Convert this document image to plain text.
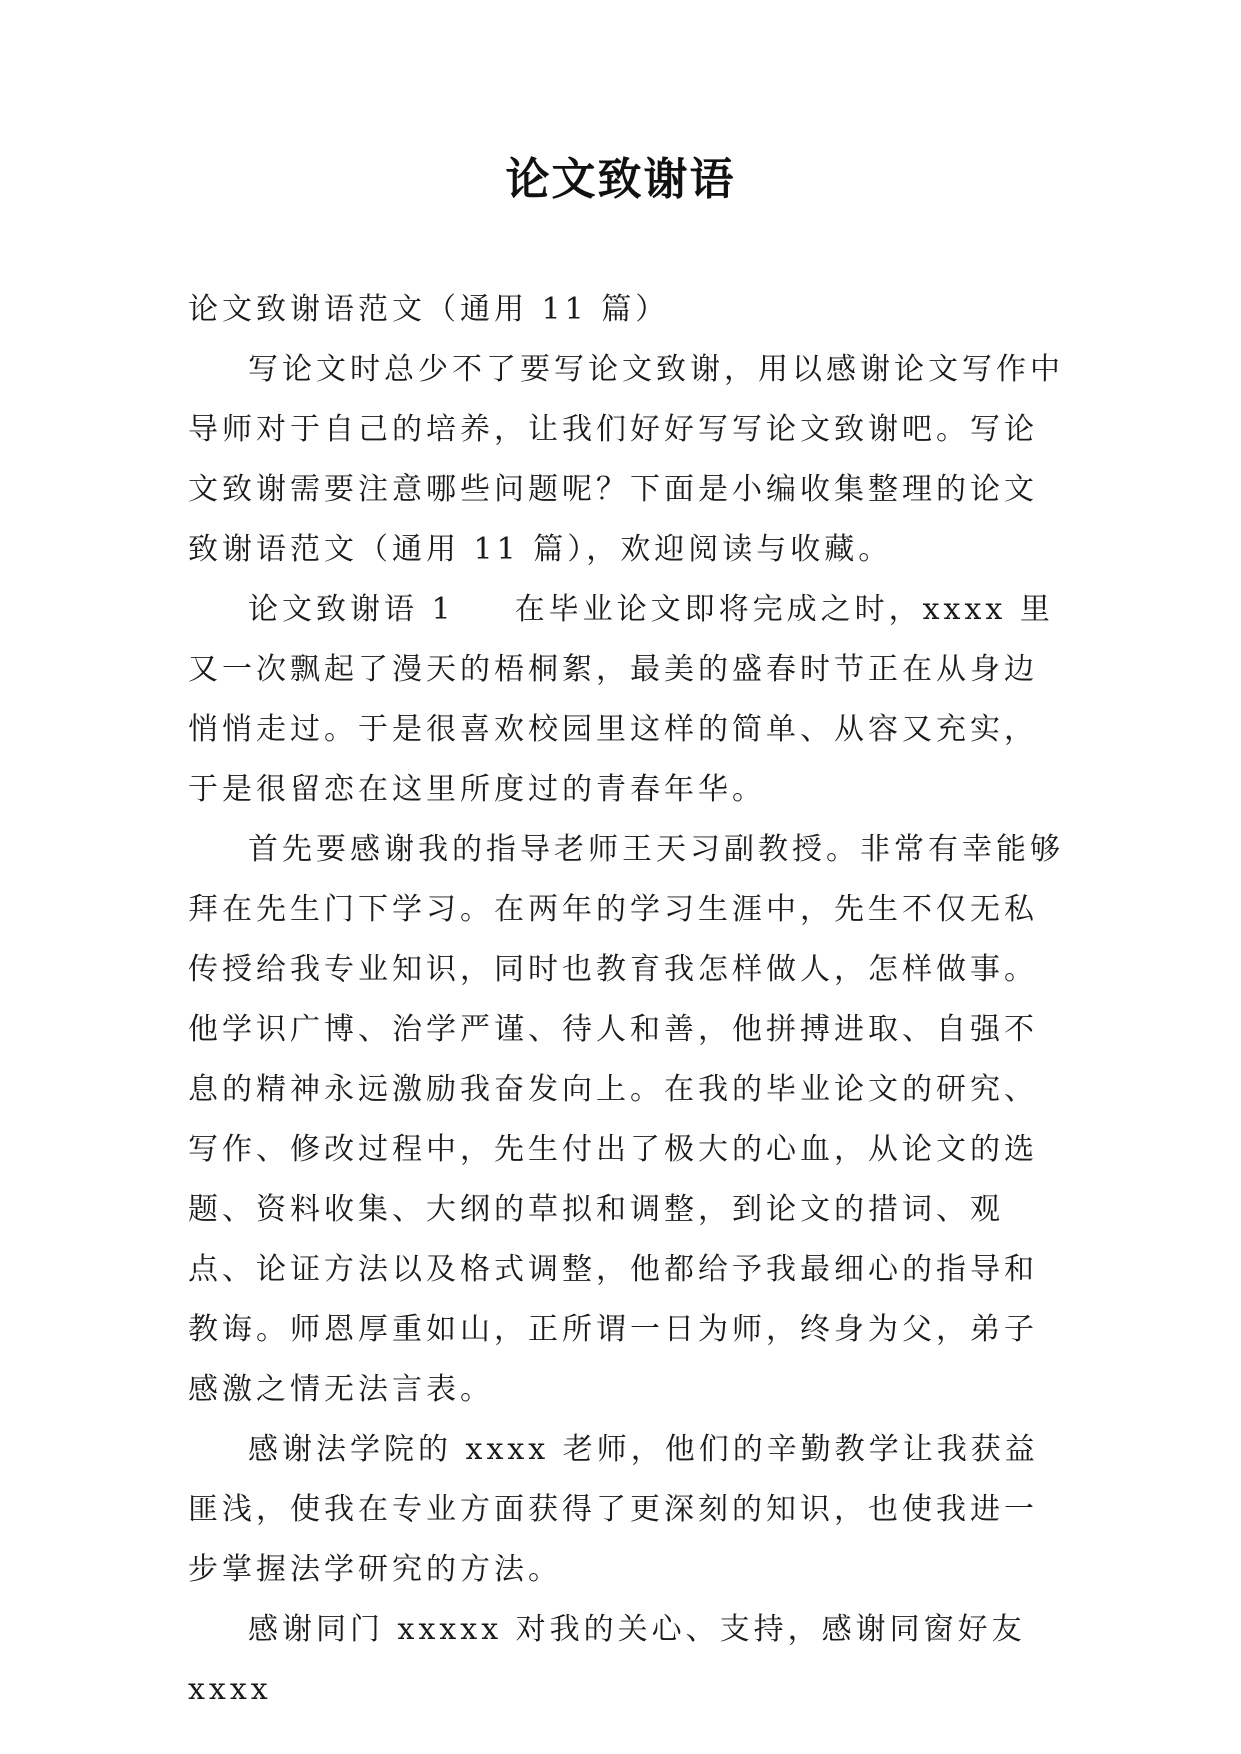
论文致谢语

论文致谢语范文（通用 11 篇）

写论文时总少不了要写论文致谢，用以感谢论文写作中导师对于自己的培养，让我们好好写写论文致谢吧。写论文致谢需要注意哪些问题呢？下面是小编收集整理的论文致谢语范文（通用 11 篇），欢迎阅读与收藏。

论文致谢语 1 在毕业论文即将完成之时，xxxx 里又一次飘起了漫天的梧桐絮，最美的盛春时节正在从身边悄悄走过。于是很喜欢校园里这样的简单、从容又充实，于是很留恋在这里所度过的青春年华。

首先要感谢我的指导老师王天习副教授。非常有幸能够拜在先生门下学习。在两年的学习生涯中，先生不仅无私传授给我专业知识，同时也教育我怎样做人，怎样做事。他学识广博、治学严谨、待人和善，他拼搏进取、自强不息的精神永远激励我奋发向上。在我的毕业论文的研究、写作、修改过程中，先生付出了极大的心血，从论文的选题、资料收集、大纲的草拟和调整，到论文的措词、观点、论证方法以及格式调整，他都给予我最细心的指导和教诲。师恩厚重如山，正所谓一日为师，终身为父，弟子感激之情无法言表。

感谢法学院的 xxxx 老师，他们的辛勤教学让我获益匪浅，使我在专业方面获得了更深刻的知识，也使我进一步掌握法学研究的方法。

感谢同门 xxxxx 对我的关心、支持，感谢同窗好友 xxxx
